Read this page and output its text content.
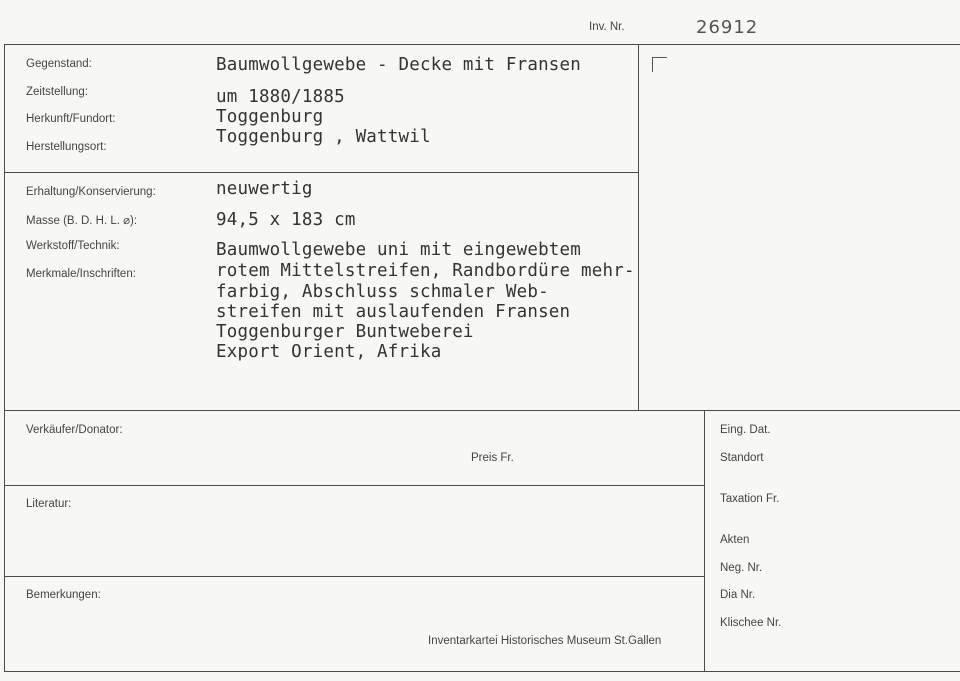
Inv. Nr.	26912
Gegenstand:
Zeitstellung:
Herkunft/Fundort:
Herstellungsort:
Baumwollgewebe - Decke mit Fransen
um 1880/1885
Toggenburg
Toggenburg , Wattwil
Erhaltung/Konservierung:
Masse (B. D. H. L. ⌀):
Werkstoff/Technik:
Merkmale/Inschriften:
neuwertig
94,5 x 183 cm
Baumwollgewebe uni mit eingewebtem
rotem Mittelstreifen, Randbordüre mehr-
farbig, Abschluss schmaler Web-
streifen mit auslaufenden Fransen
Toggenburger Buntweberei
Export Orient, Afrika
Verkäufer/Donator:
Preis Fr.
Literatur:
Bemerkungen:
Inventarkartei Historisches Museum St.Gallen
Eing. Dat.
Standort
Taxation Fr.
Akten
Neg. Nr.
Dia Nr.
Klischee Nr.
